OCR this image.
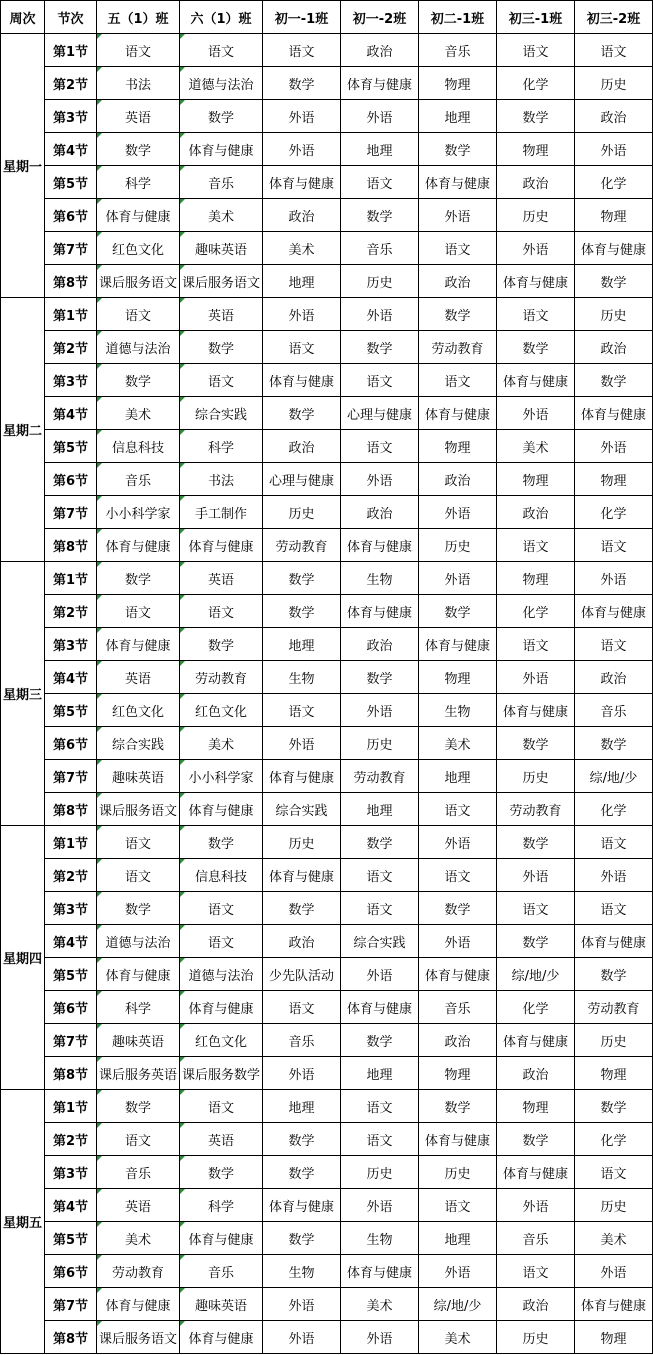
周次	节次	五（1）班	六（1）班	初一-1班	初一-2班	初二-1班	初三-1班	初三-2班
星期一	第1节	语文	语文	语文	政治	音乐	语文	语文
	第2节	书法	道德与法治	数学	体育与健康	物理	化学	历史
	第3节	英语	数学	外语	外语	地理	数学	政治
	第4节	数学	体育与健康	外语	地理	数学	物理	外语
	第5节	科学	音乐	体育与健康	语文	体育与健康	政治	化学
	第6节	体育与健康	美术	政治	数学	外语	历史	物理
	第7节	红色文化	趣味英语	美术	音乐	语文	外语	体育与健康
	第8节	课后服务语文	课后服务语文	地理	历史	政治	体育与健康	数学
星期二	第1节	语文	英语	外语	外语	数学	语文	历史
	第2节	道德与法治	数学	语文	数学	劳动教育	数学	政治
	第3节	数学	语文	体育与健康	语文	语文	体育与健康	数学
	第4节	美术	综合实践	数学	心理与健康	体育与健康	外语	体育与健康
	第5节	信息科技	科学	政治	语文	物理	美术	外语
	第6节	音乐	书法	心理与健康	外语	政治	物理	物理
	第7节	小小科学家	手工制作	历史	政治	外语	政治	化学
	第8节	体育与健康	体育与健康	劳动教育	体育与健康	历史	语文	语文
星期三	第1节	数学	英语	数学	生物	外语	物理	外语
	第2节	语文	语文	数学	体育与健康	数学	化学	体育与健康
	第3节	体育与健康	数学	地理	政治	体育与健康	语文	语文
	第4节	英语	劳动教育	生物	数学	物理	外语	政治
	第5节	红色文化	红色文化	语文	外语	生物	体育与健康	音乐
	第6节	综合实践	美术	外语	历史	美术	数学	数学
	第7节	趣味英语	小小科学家	体育与健康	劳动教育	地理	历史	综/地/少
	第8节	课后服务语文	体育与健康	综合实践	地理	语文	劳动教育	化学
星期四	第1节	语文	数学	历史	数学	外语	数学	语文
	第2节	语文	信息科技	体育与健康	语文	语文	外语	外语
	第3节	数学	语文	数学	语文	数学	语文	语文
	第4节	道德与法治	语文	政治	综合实践	外语	数学	体育与健康
	第5节	体育与健康	道德与法治	少先队活动	外语	体育与健康	综/地/少	数学
	第6节	科学	体育与健康	语文	体育与健康	音乐	化学	劳动教育
	第7节	趣味英语	红色文化	音乐	数学	政治	体育与健康	历史
	第8节	课后服务英语	课后服务数学	外语	地理	物理	政治	物理
星期五	第1节	数学	语文	地理	语文	数学	物理	数学
	第2节	语文	英语	数学	语文	体育与健康	数学	化学
	第3节	音乐	数学	数学	历史	历史	体育与健康	语文
	第4节	英语	科学	体育与健康	外语	语文	外语	历史
	第5节	美术	体育与健康	数学	生物	地理	音乐	美术
	第6节	劳动教育	音乐	生物	体育与健康	外语	语文	外语
	第7节	体育与健康	趣味英语	外语	美术	综/地/少	政治	体育与健康
	第8节	课后服务语文	体育与健康	外语	外语	美术	历史	物理
